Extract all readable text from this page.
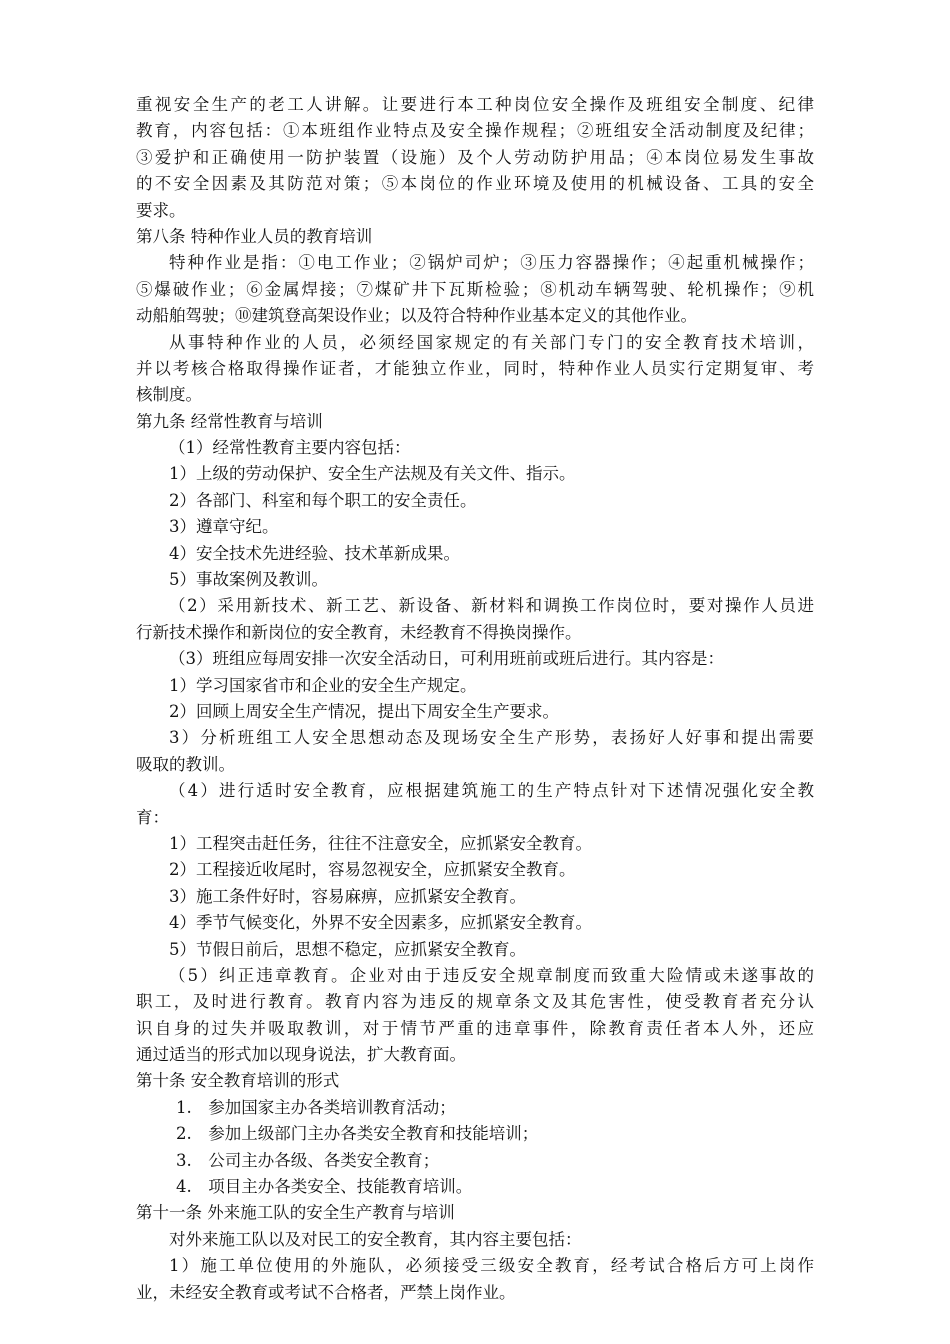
重视安全生产的老工人讲解。让要进行本工种岗位安全操作及班组安全制度、纪律
教育，内容包括：①本班组作业特点及安全操作规程；②班组安全活动制度及纪律；
③爱护和正确使用一防护装置（设施）及个人劳动防护用品；④本岗位易发生事故
的不安全因素及其防范对策；⑤本岗位的作业环境及使用的机械设备、工具的安全
要求。
第八条 特种作业人员的教育培训
特种作业是指：①电工作业；②锅炉司炉；③压力容器操作；④起重机械操作；
⑤爆破作业；⑥金属焊接；⑦煤矿井下瓦斯检验；⑧机动车辆驾驶、轮机操作；⑨机
动船舶驾驶；⑩建筑登高架设作业；以及符合特种作业基本定义的其他作业。
从事特种作业的人员，必须经国家规定的有关部门专门的安全教育技术培训，
并以考核合格取得操作证者，才能独立作业，同时，特种作业人员实行定期复审、考
核制度。
第九条 经常性教育与培训
（1）经常性教育主要内容包括：
1）上级的劳动保护、安全生产法规及有关文件、指示。
2）各部门、科室和每个职工的安全责任。
3）遵章守纪。
4）安全技术先进经验、技术革新成果。
5）事故案例及教训。
（2）采用新技术、新工艺、新设备、新材料和调换工作岗位时，要对操作人员进
行新技术操作和新岗位的安全教育，未经教育不得换岗操作。
（3）班组应每周安排一次安全活动日，可利用班前或班后进行。其内容是：
1）学习国家省市和企业的安全生产规定。
2）回顾上周安全生产情况，提出下周安全生产要求。
3）分析班组工人安全思想动态及现场安全生产形势，表扬好人好事和提出需要
吸取的教训。
（4）进行适时安全教育，应根据建筑施工的生产特点针对下述情况强化安全教
育：
1）工程突击赶任务，往往不注意安全，应抓紧安全教育。
2）工程接近收尾时，容易忽视安全，应抓紧安全教育。
3）施工条件好时，容易麻痹，应抓紧安全教育。
4）季节气候变化，外界不安全因素多，应抓紧安全教育。
5）节假日前后，思想不稳定，应抓紧安全教育。
（5）纠正违章教育。企业对由于违反安全规章制度而致重大险情或未遂事故的
职工，及时进行教育。教育内容为违反的规章条文及其危害性，使受教育者充分认
识自身的过失并吸取教训，对于情节严重的违章事件，除教育责任者本人外，还应
通过适当的形式加以现身说法，扩大教育面。
第十条 安全教育培训的形式
1.　参加国家主办各类培训教育活动；
2.　参加上级部门主办各类安全教育和技能培训；
3.　公司主办各级、各类安全教育；
4.　项目主办各类安全、技能教育培训。
第十一条 外来施工队的安全生产教育与培训
对外来施工队以及对民工的安全教育，其内容主要包括：
1）施工单位使用的外施队，必须接受三级安全教育，经考试合格后方可上岗作
业，未经安全教育或考试不合格者，严禁上岗作业。
